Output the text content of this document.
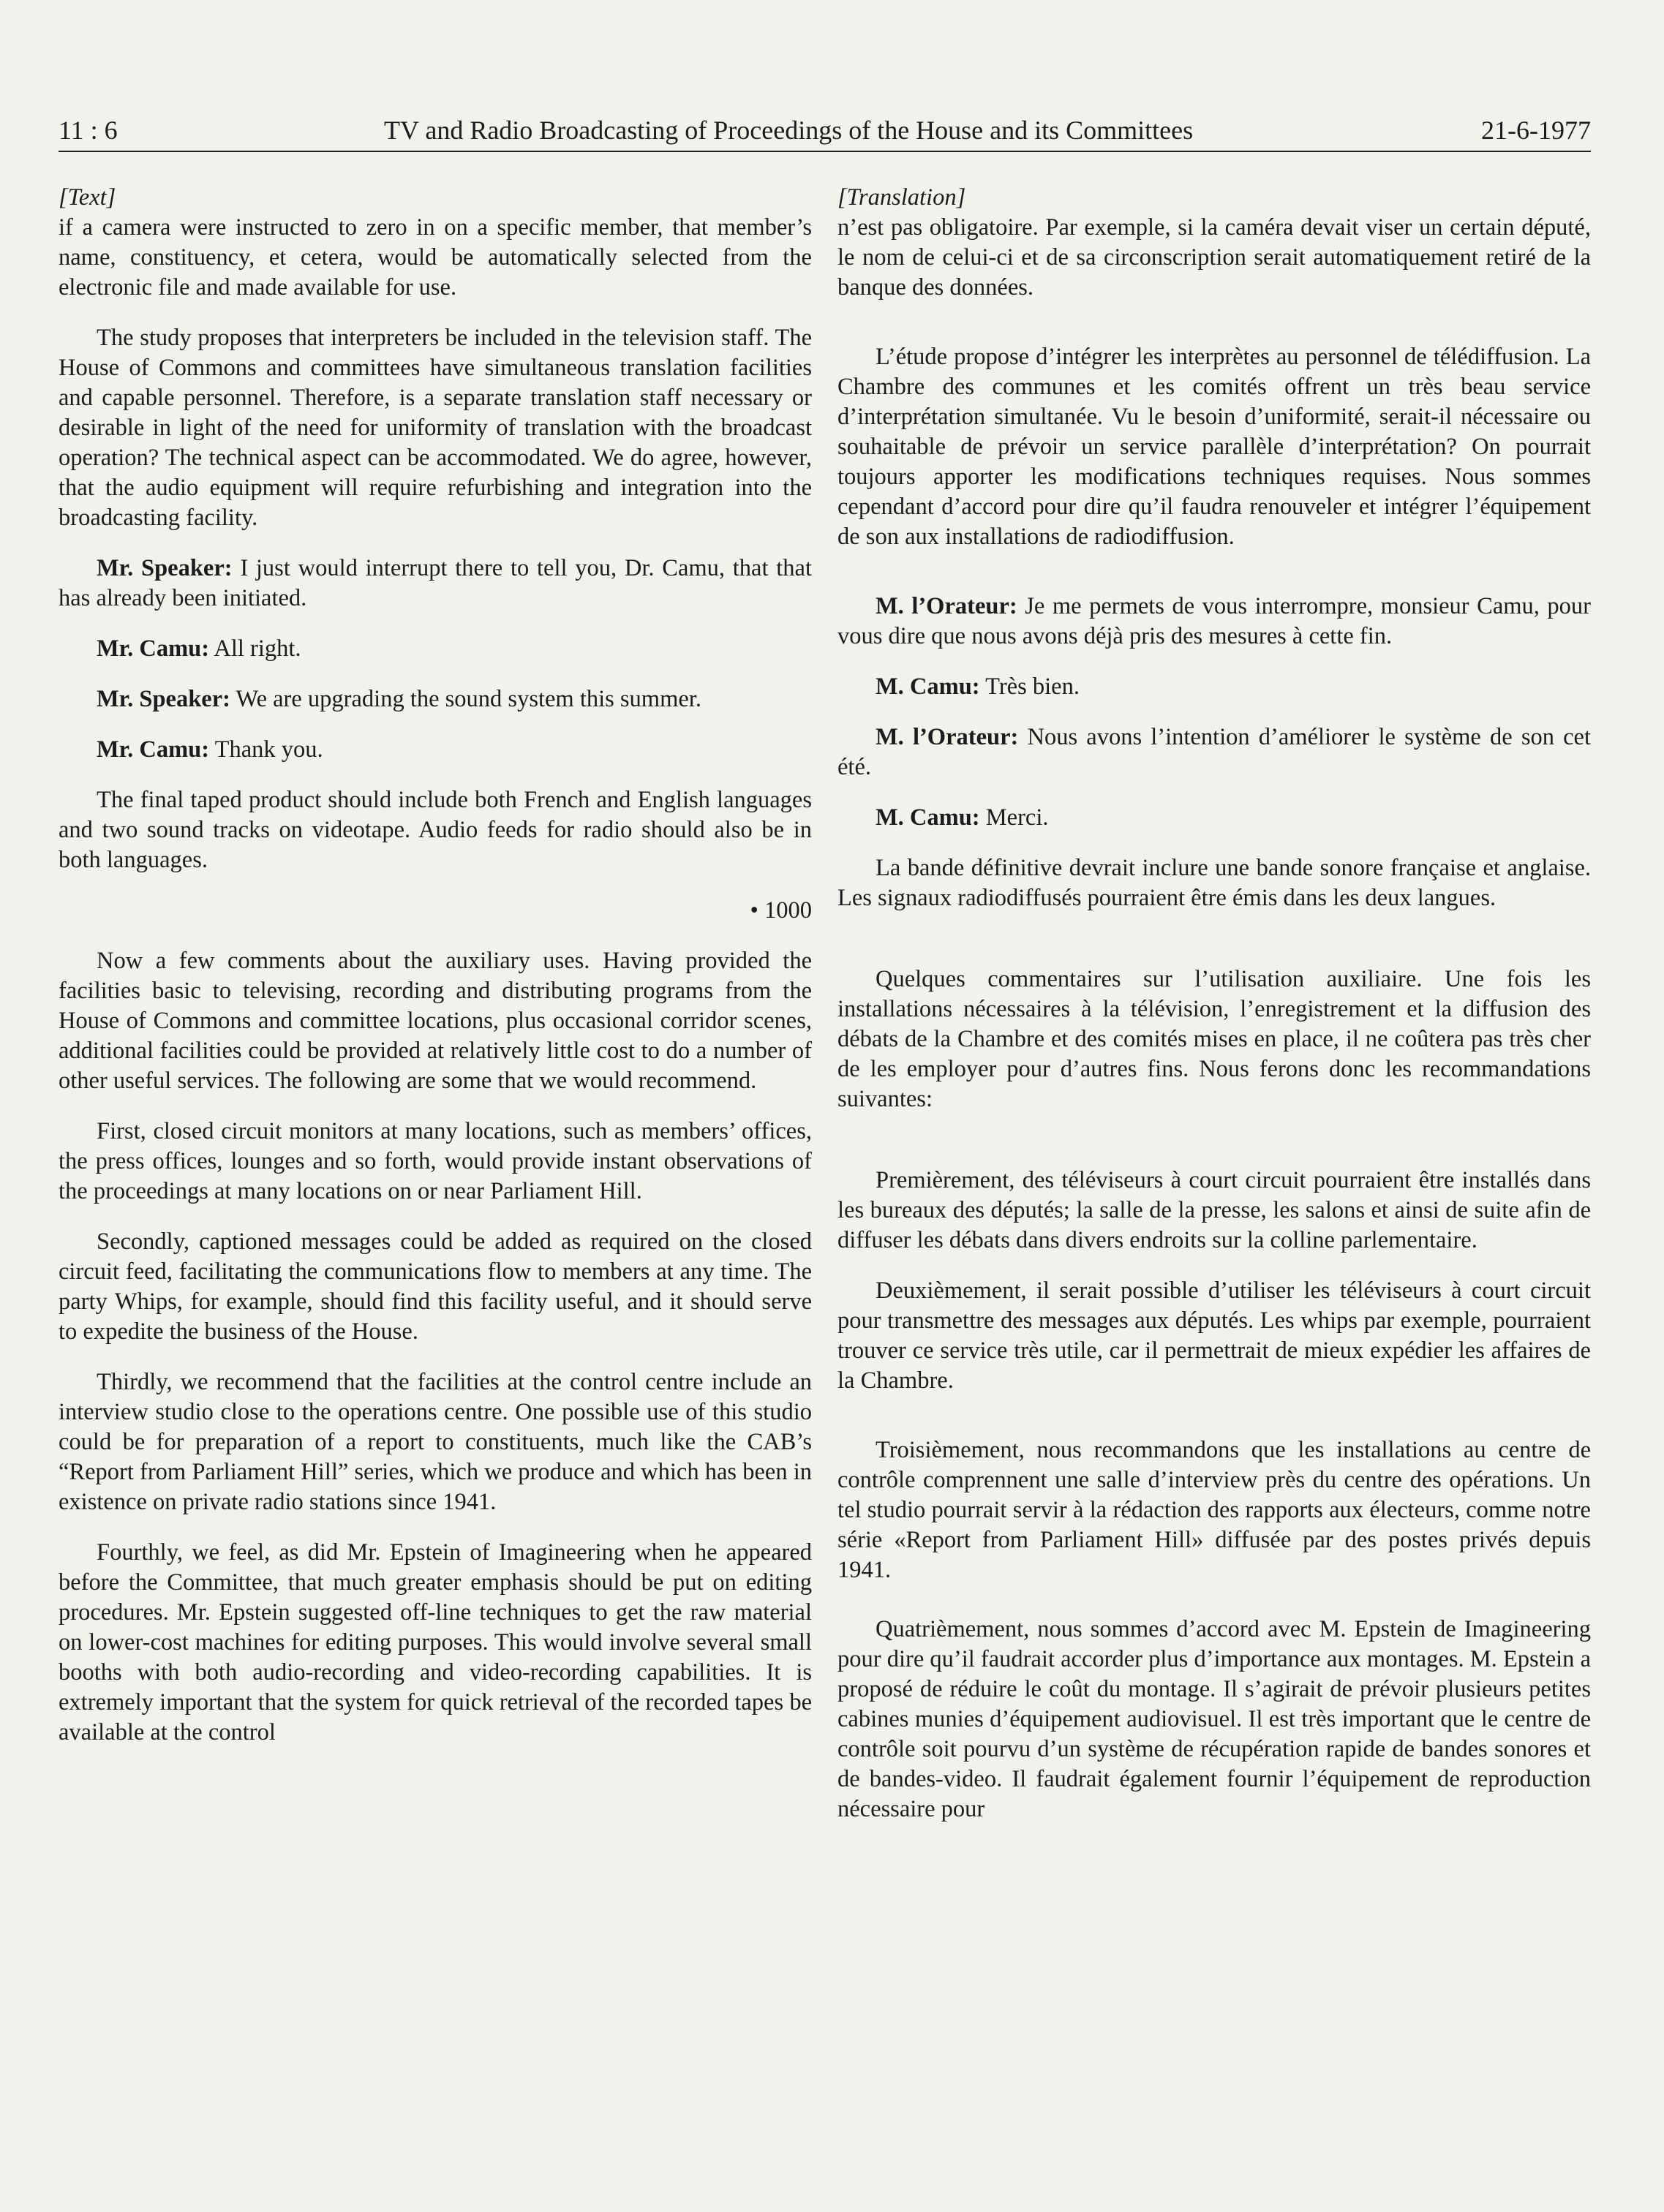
11 : 6	TV and Radio Broadcasting of Proceedings of the House and its Committees	21-6-1977

[Text]

if a camera were instructed to zero in on a specific member, that member’s name, constituency, et cetera, would be automatically selected from the electronic file and made available for use.

The study proposes that interpreters be included in the television staff. The House of Commons and committees have simultaneous translation facilities and capable personnel. Therefore, is a separate translation staff necessary or desirable in light of the need for uniformity of translation with the broadcast operation? The technical aspect can be accommodated. We do agree, however, that the audio equipment will require refurbishing and integration into the broadcasting facility.

Mr. Speaker: I just would interrupt there to tell you, Dr. Camu, that that has already been initiated.

Mr. Camu: All right.

Mr. Speaker: We are upgrading the sound system this summer.

Mr. Camu: Thank you.

The final taped product should include both French and English languages and two sound tracks on videotape. Audio feeds for radio should also be in both languages.

• 1000

Now a few comments about the auxiliary uses. Having provided the facilities basic to televising, recording and distributing programs from the House of Commons and committee locations, plus occasional corridor scenes, additional facilities could be provided at relatively little cost to do a number of other useful services. The following are some that we would recommend.

First, closed circuit monitors at many locations, such as members’ offices, the press offices, lounges and so forth, would provide instant observations of the proceedings at many locations on or near Parliament Hill.

Secondly, captioned messages could be added as required on the closed circuit feed, facilitating the communications flow to members at any time. The party Whips, for example, should find this facility useful, and it should serve to expedite the business of the House.

Thirdly, we recommend that the facilities at the control centre include an interview studio close to the operations centre. One possible use of this studio could be for preparation of a report to constituents, much like the CAB’s “Report from Parliament Hill” series, which we produce and which has been in existence on private radio stations since 1941.

Fourthly, we feel, as did Mr. Epstein of Imagineering when he appeared before the Committee, that much greater emphasis should be put on editing procedures. Mr. Epstein suggested off-line techniques to get the raw material on lower-cost machines for editing purposes. This would involve several small booths with both audio-recording and video-recording capabilities. It is extremely important that the system for quick retrieval of the recorded tapes be available at the control

[Translation]

n’est pas obligatoire. Par exemple, si la caméra devait viser un certain député, le nom de celui-ci et de sa circonscription serait automatiquement retiré de la banque des données.

L’étude propose d’intégrer les interprètes au personnel de télédiffusion. La Chambre des communes et les comités offrent un très beau service d’interprétation simultanée. Vu le besoin d’uniformité, serait-il nécessaire ou souhaitable de prévoir un service parallèle d’interprétation? On pourrait toujours apporter les modifications techniques requises. Nous sommes cependant d’accord pour dire qu’il faudra renouveler et intégrer l’équipement de son aux installations de radiodiffusion.

M. l’Orateur: Je me permets de vous interrompre, monsieur Camu, pour vous dire que nous avons déjà pris des mesures à cette fin.

M. Camu: Très bien.

M. l’Orateur: Nous avons l’intention d’améliorer le système de son cet été.

M. Camu: Merci.

La bande définitive devrait inclure une bande sonore française et anglaise. Les signaux radiodiffusés pourraient être émis dans les deux langues.

Quelques commentaires sur l’utilisation auxiliaire. Une fois les installations nécessaires à la télévision, l’enregistrement et la diffusion des débats de la Chambre et des comités mises en place, il ne coûtera pas très cher de les employer pour d’autres fins. Nous ferons donc les recommandations suivantes:

Premièrement, des téléviseurs à court circuit pourraient être installés dans les bureaux des députés; la salle de la presse, les salons et ainsi de suite afin de diffuser les débats dans divers endroits sur la colline parlementaire.

Deuxièmement, il serait possible d’utiliser les téléviseurs à court circuit pour transmettre des messages aux députés. Les whips par exemple, pourraient trouver ce service très utile, car il permettrait de mieux expédier les affaires de la Chambre.

Troisièmement, nous recommandons que les installations au centre de contrôle comprennent une salle d’interview près du centre des opérations. Un tel studio pourrait servir à la rédaction des rapports aux électeurs, comme notre série «Report from Parliament Hill» diffusée par des postes privés depuis 1941.

Quatrièmement, nous sommes d’accord avec M. Epstein de Imagineering pour dire qu’il faudrait accorder plus d’importance aux montages. M. Epstein a proposé de réduire le coût du montage. Il s’agirait de prévoir plusieurs petites cabines munies d’équipement audiovisuel. Il est très important que le centre de contrôle soit pourvu d’un système de récupération rapide de bandes sonores et de bandes-video. Il faudrait également fournir l’équipement de reproduction nécessaire pour
